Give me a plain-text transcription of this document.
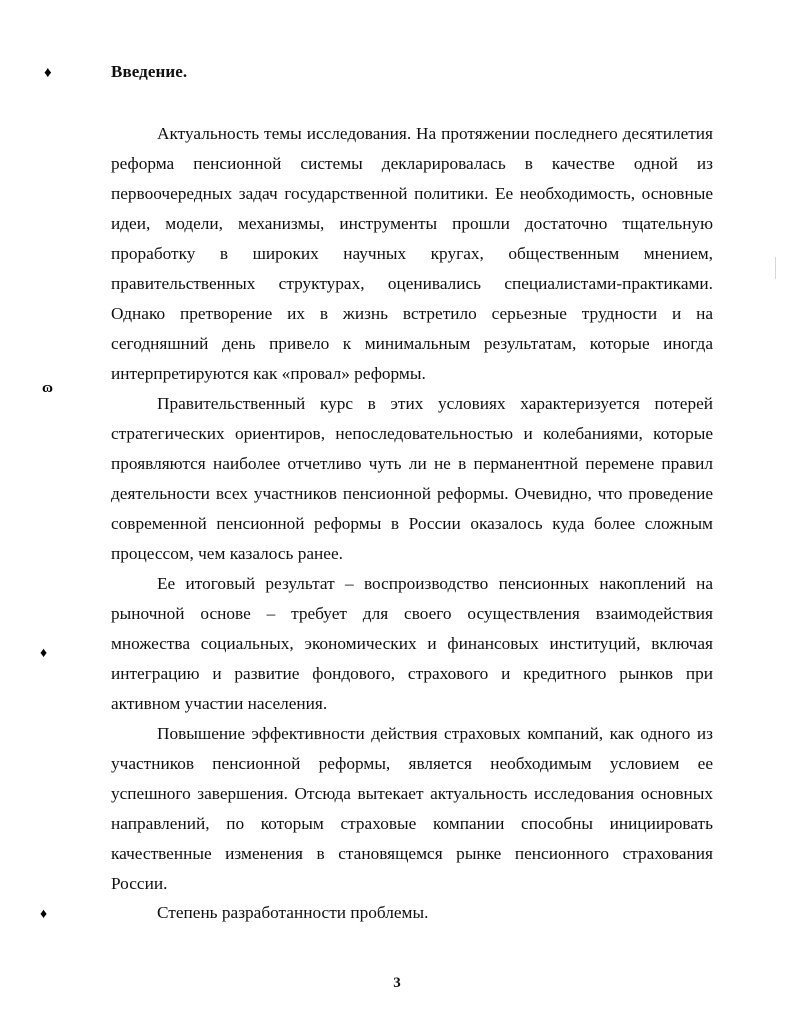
♦
ɷ
♦
♦
Введение.

Актуальность темы исследования. На протяжении последнего десятилетия реформа пенсионной системы декларировалась в качестве одной из первоочередных задач государственной политики. Ее необходимость, основные идеи, модели, механизмы, инструменты прошли достаточно тщательную проработку в широких научных кругах, общественным мнением, правительственных структурах, оценивались специалистами-практиками. Однако претворение их в жизнь встретило серьезные трудности и на сегодняшний день привело к минимальным результатам, которые иногда интерпретируются как «провал» реформы.

Правительственный курс в этих условиях характеризуется потерей стратегических ориентиров, непоследовательностью и колебаниями, которые проявляются наиболее отчетливо чуть ли не в перманентной перемене правил деятельности всех участников пенсионной реформы. Очевидно, что проведение современной пенсионной реформы в России оказалось куда более сложным процессом, чем казалось ранее.

Ее итоговый результат – воспроизводство пенсионных накоплений на рыночной основе – требует для своего осуществления взаимодействия множества социальных, экономических и финансовых институций, включая интеграцию и развитие фондового, страхового и кредитного рынков при активном участии населения.

Повышение эффективности действия страховых компаний, как одного из участников пенсионной реформы, является необходимым условием ее успешного завершения. Отсюда вытекает актуальность исследования основных направлений, по которым страховые компании способны инициировать качественные изменения в становящемся рынке пенсионного страхования России.

Степень разработанности проблемы.
3
